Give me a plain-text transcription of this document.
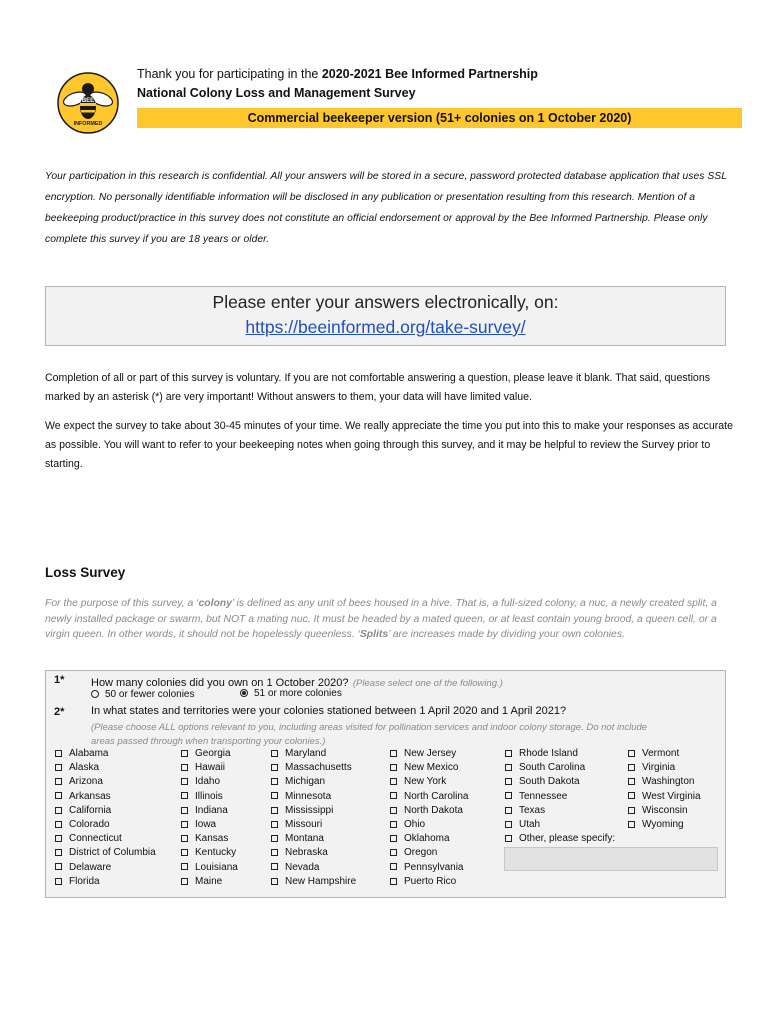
BEE
INFORMED
Thank you for participating in the 2020-2021 Bee Informed Partnership
National Colony Loss and Management Survey
Commercial beekeeper version (51+ colonies on 1 October 2020)
Your participation in this research is confidential. All your answers will be stored in a secure, password protected database application that uses SSL encryption. No personally identifiable information will be disclosed in any publication or presentation resulting from this research. Mention of a beekeeping product/practice in this survey does not constitute an official endorsement or approval by the Bee Informed Partnership. Please only complete this survey if you are 18 years or older.
Please enter your answers electronically, on:
https://beeinformed.org/take-survey/
Completion of all or part of this survey is voluntary. If you are not comfortable answering a question, please leave it blank. That said, questions marked by an asterisk (*) are very important! Without answers to them, your data will have limited value.
We expect the survey to take about 30-45 minutes of your time. We really appreciate the time you put into this to make your responses as accurate as possible. You will want to refer to your beekeeping notes when going through this survey, and it may be helpful to review the Survey prior to starting.
Loss Survey
For the purpose of this survey, a ‘colony’ is defined as any unit of bees housed in a hive. That is, a full-sized colony, a nuc, a newly created split, a newly installed package or swarm, but NOT a mating nuc. It must be headed by a mated queen, or at least contain young brood, a queen cell, or a virgin queen. In other words, it should not be hopelessly queenless. ‘Splits’ are increases made by dividing your own colonies.
1* How many colonies did you own on 1 October 2020? (Please select one of the following.)
50 or fewer colonies	51 or more colonies
2* In what states and territories were your colonies stationed between 1 April 2020 and 1 April 2021?
(Please choose ALL options relevant to you, including areas visited for pollination services and indoor colony storage. Do not include
areas passed through when transporting your colonies.)
Alabama
Alaska
Arizona
Arkansas
California
Colorado
Connecticut
District of Columbia
Delaware
Florida
Georgia
Hawaii
Idaho
Illinois
Indiana
Iowa
Kansas
Kentucky
Louisiana
Maine
Maryland
Massachusetts
Michigan
Minnesota
Mississippi
Missouri
Montana
Nebraska
Nevada
New Hampshire
New Jersey
New Mexico
New York
North Carolina
North Dakota
Ohio
Oklahoma
Oregon
Pennsylvania
Puerto Rico
Rhode Island
South Carolina
South Dakota
Tennessee
Texas
Utah
Other, please specify:
Vermont
Virginia
Washington
West Virginia
Wisconsin
Wyoming
